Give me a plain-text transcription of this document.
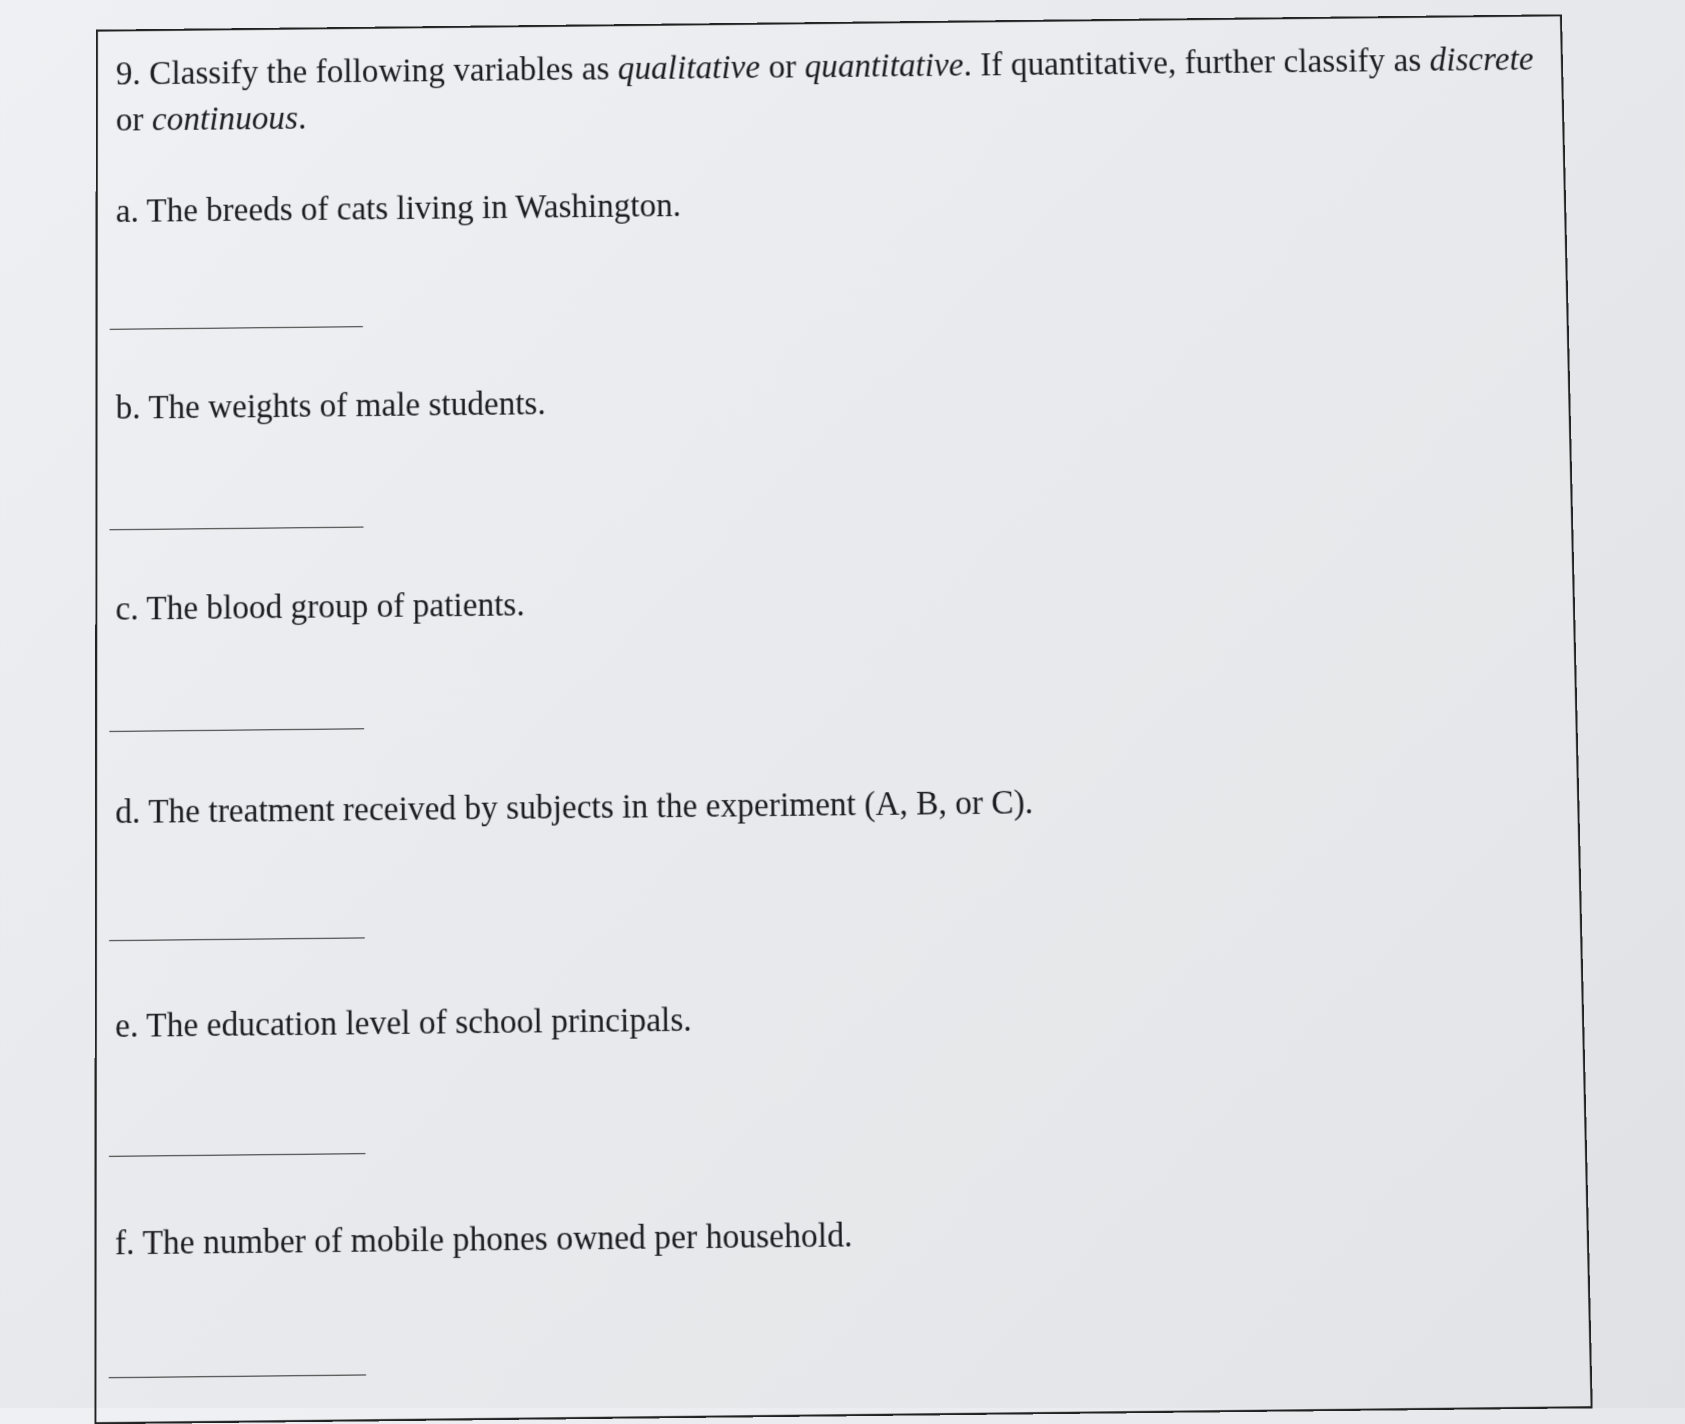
9. Classify the following variables as qualitative or quantitative. If quantitative, further classify as discrete or continuous.
a. The breeds of cats living in Washington.
b. The weights of male students.
c. The blood group of patients.
d. The treatment received by subjects in the experiment (A, B, or C).
e. The education level of school principals.
f. The number of mobile phones owned per household.
